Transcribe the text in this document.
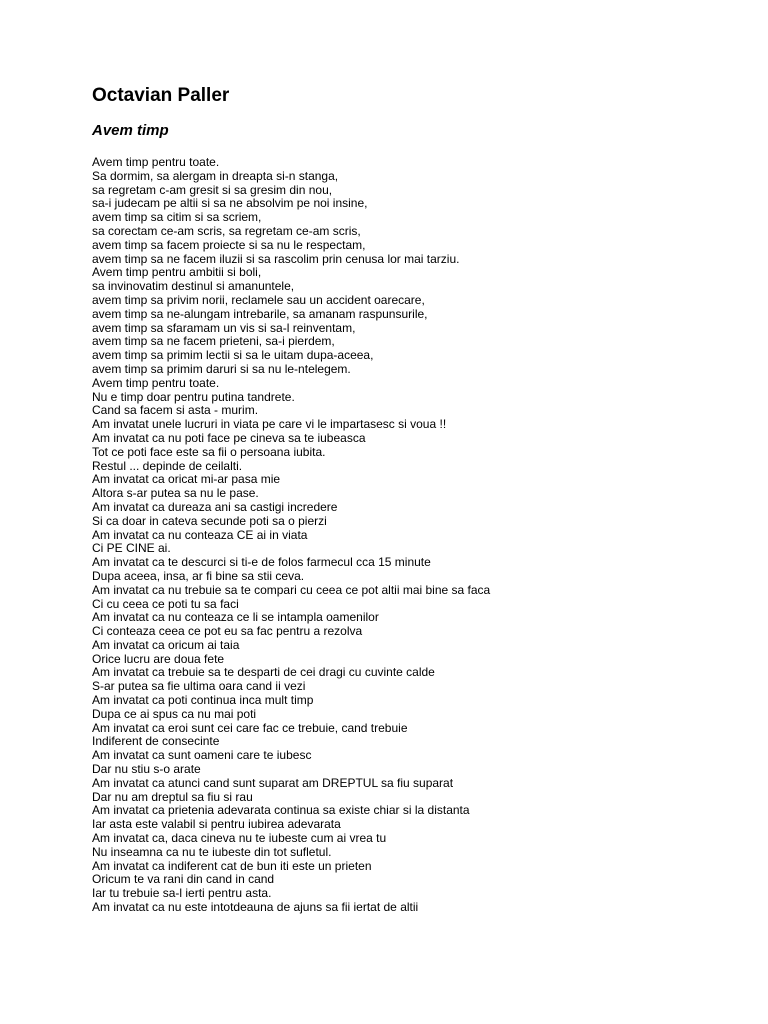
Octavian Paller
Avem timp
Avem timp pentru toate.
Sa dormim, sa alergam in dreapta si-n stanga,
sa regretam c-am gresit si sa gresim din nou,
sa-i judecam pe altii si sa ne absolvim pe noi insine,
avem timp sa citim si sa scriem,
sa corectam ce-am scris, sa regretam ce-am scris,
avem timp sa facem proiecte si sa nu le respectam,
avem timp sa ne facem iluzii si sa rascolim prin cenusa lor mai tarziu.
Avem timp pentru ambitii si boli,
sa invinovatim destinul si amanuntele,
avem timp sa privim norii, reclamele sau un accident oarecare,
avem timp sa ne-alungam intrebarile, sa amanam raspunsurile,
avem timp sa sfaramam un vis si sa-l reinventam,
avem timp sa ne facem prieteni, sa-i pierdem,
avem timp sa primim lectii si sa le uitam dupa-aceea,
avem timp sa primim daruri si sa nu le-ntelegem.
Avem timp pentru toate.
Nu e timp doar pentru putina tandrete.
Cand sa facem si asta - murim.
Am invatat unele lucruri in viata pe care vi le impartasesc si voua !!
Am invatat ca nu poti face pe cineva sa te iubeasca
Tot ce poti face este sa fii o persoana iubita.
Restul ... depinde de ceilalti.
Am invatat ca oricat mi-ar pasa mie
Altora s-ar putea sa nu le pase.
Am invatat ca dureaza ani sa castigi incredere
Si ca doar in cateva secunde poti sa o pierzi
Am invatat ca nu conteaza CE ai in viata
Ci PE CINE ai.
Am invatat ca te descurci si ti-e de folos farmecul cca 15 minute
Dupa aceea, insa, ar fi bine sa stii ceva.
Am invatat ca nu trebuie sa te compari cu ceea ce pot altii mai bine sa faca
Ci cu ceea ce poti tu sa faci
Am invatat ca nu conteaza ce li se intampla oamenilor
Ci conteaza ceea ce pot eu sa fac pentru a rezolva
Am invatat ca oricum ai taia
Orice lucru are doua fete
Am invatat ca trebuie sa te desparti de cei dragi cu cuvinte calde
S-ar putea sa fie ultima oara cand ii vezi
Am invatat ca poti continua inca mult timp
Dupa ce ai spus ca nu mai poti
Am invatat ca eroi sunt cei care fac ce trebuie, cand trebuie
Indiferent de consecinte
Am invatat ca sunt oameni care te iubesc
Dar nu stiu s-o arate
Am invatat ca atunci cand sunt suparat am DREPTUL sa fiu suparat
Dar nu am dreptul sa fiu si rau
Am invatat ca prietenia adevarata continua sa existe chiar si la distanta
Iar asta este valabil si pentru iubirea adevarata
Am invatat ca, daca cineva nu te iubeste cum ai vrea tu
Nu inseamna ca nu te iubeste din tot sufletul.
Am invatat ca indiferent cat de bun iti este un prieten
Oricum te va rani din cand in cand
Iar tu trebuie sa-l ierti pentru asta.
Am invatat ca nu este intotdeauna de ajuns sa fii iertat de altii
